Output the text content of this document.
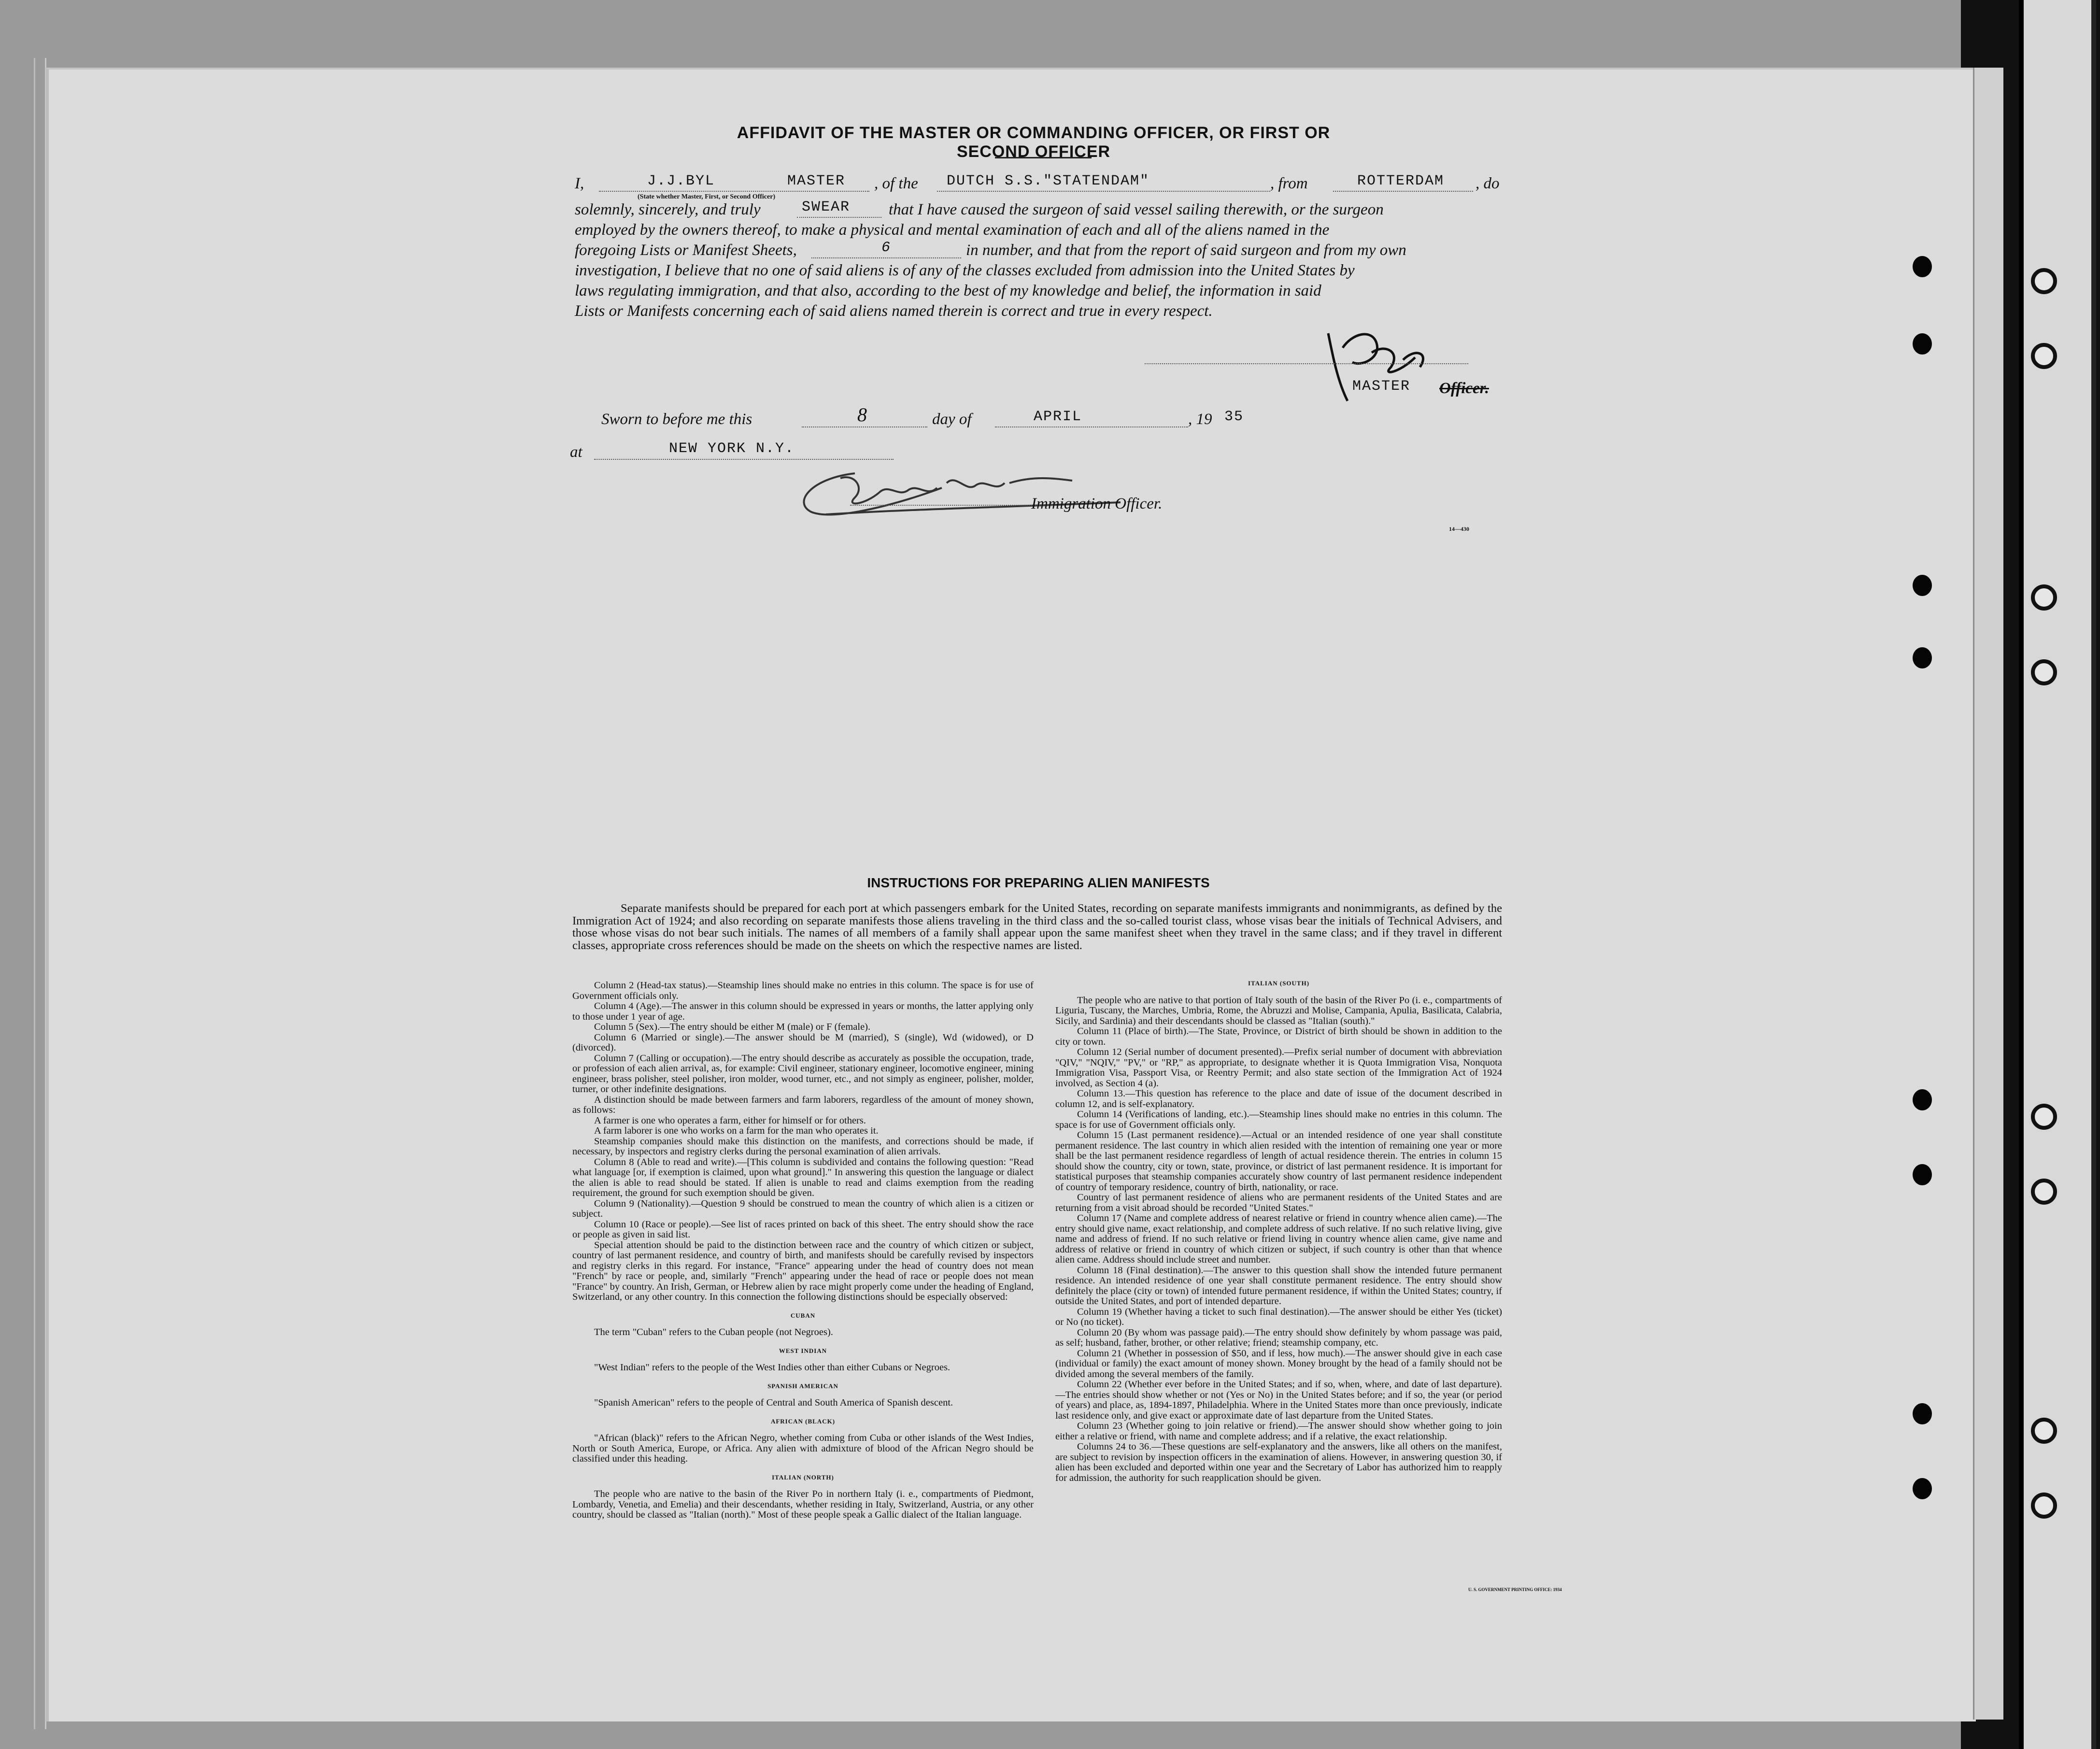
AFFIDAVIT OF THE MASTER OR COMMANDING OFFICER, OR FIRST OR SECOND OFFICER
I,	J.J.BYL	MASTER
(State whether Master, First, or Second Officer)
, of the DUTCH S.S."STATENDAM"	, from	ROTTERDAM , do
solemnly, sincerely, and truly	SWEAR that I have caused the surgeon of said vessel sailing therewith, or the surgeon
employed by the owners thereof, to make a physical and mental examination of each and all of the aliens named in the
foregoing Lists or Manifest Sheets,	6	in number, and that from the report of said surgeon and from my own
investigation, I believe that no one of said aliens is of any of the classes excluded from admission into the United States by
laws regulating immigration, and that also, according to the best of my knowledge and belief, the information in said
Lists or Manifests concerning each of said aliens named therein is correct and true in every respect.
MASTER Officer.
Sworn to before me this	8	day of	APRIL	, 19 35
at	NEW YORK N.Y.
Immigration Officer.
14—430
INSTRUCTIONS FOR PREPARING ALIEN MANIFESTS
Separate manifests should be prepared for each port at which passengers embark for the United States, recording on separate manifests immigrants and nonimmigrants, as defined by the Immigration Act of 1924; and also recording on separate manifests those aliens traveling in the third class and the so-called tourist class, whose visas bear the initials of Technical Advisers, and those whose visas do not bear such initials. The names of all members of a family shall appear upon the same manifest sheet when they travel in the same class; and if they travel in different classes, appropriate cross references should be made on the sheets on which the respective names are listed.

Column 2 (Head-tax status).—Steamship lines should make no entries in this column. The space is for use of Government officials only.

Column 4 (Age).—The answer in this column should be expressed in years or months, the latter applying only to those under 1 year of age.

Column 5 (Sex).—The entry should be either M (male) or F (female).

Column 6 (Married or single).—The answer should be M (married), S (single), Wd (widowed), or D (divorced).

Column 7 (Calling or occupation).—The entry should describe as accurately as possible the occupation, trade, or profession of each alien arrival, as, for example: Civil engineer, stationary engineer, locomotive engineer, mining engineer, brass polisher, steel polisher, iron molder, wood turner, etc., and not simply as engineer, polisher, molder, turner, or other indefinite designations.

A distinction should be made between farmers and farm laborers, regardless of the amount of money shown, as follows:

A farmer is one who operates a farm, either for himself or for others.

A farm laborer is one who works on a farm for the man who operates it.

Steamship companies should make this distinction on the manifests, and corrections should be made, if necessary, by inspectors and registry clerks during the personal examination of alien arrivals.

Column 8 (Able to read and write).—[This column is subdivided and contains the following question: "Read what language [or, if exemption is claimed, upon what ground]." In answering this question the language or dialect the alien is able to read should be stated. If alien is unable to read and claims exemption from the reading requirement, the ground for such exemption should be given.

Column 9 (Nationality).—Question 9 should be construed to mean the country of which alien is a citizen or subject.

Column 10 (Race or people).—See list of races printed on back of this sheet. The entry should show the race or people as given in said list.

Special attention should be paid to the distinction between race and the country of which citizen or subject, country of last permanent residence, and country of birth, and manifests should be carefully revised by inspectors and registry clerks in this regard. For instance, "France" appearing under the head of country does not mean "French" by race or people, and, similarly "French" appearing under the head of race or people does not mean "France" by country. An Irish, German, or Hebrew alien by race might properly come under the heading of England, Switzerland, or any other country. In this connection the following distinctions should be especially observed:

CUBAN

The term "Cuban" refers to the Cuban people (not Negroes).

WEST INDIAN

"West Indian" refers to the people of the West Indies other than either Cubans or Negroes.

SPANISH AMERICAN

"Spanish American" refers to the people of Central and South America of Spanish descent.

AFRICAN (BLACK)

"African (black)" refers to the African Negro, whether coming from Cuba or other islands of the West Indies, North or South America, Europe, or Africa. Any alien with admixture of blood of the African Negro should be classified under this heading.

ITALIAN (NORTH)

The people who are native to the basin of the River Po in northern Italy (i. e., compartments of Piedmont, Lombardy, Venetia, and Emelia) and their descendants, whether residing in Italy, Switzerland, Austria, or any other country, should be classed as "Italian (north)." Most of these people speak a Gallic dialect of the Italian language.

ITALIAN (SOUTH)

The people who are native to that portion of Italy south of the basin of the River Po (i. e., compartments of Liguria, Tuscany, the Marches, Umbria, Rome, the Abruzzi and Molise, Campania, Apulia, Basilicata, Calabria, Sicily, and Sardinia) and their descendants should be classed as "Italian (south)."

Column 11 (Place of birth).—The State, Province, or District of birth should be shown in addition to the city or town.

Column 12 (Serial number of document presented).—Prefix serial number of document with abbreviation "QIV," "NQIV," "PV," or "RP," as appropriate, to designate whether it is Quota Immigration Visa, Nonquota Immigration Visa, Passport Visa, or Reentry Permit; and also state section of the Immigration Act of 1924 involved, as Section 4 (a).

Column 13.—This question has reference to the place and date of issue of the document described in column 12, and is self-explanatory.

Column 14 (Verifications of landing, etc.).—Steamship lines should make no entries in this column. The space is for use of Government officials only.

Column 15 (Last permanent residence).—Actual or an intended residence of one year shall constitute permanent residence. The last country in which alien resided with the intention of remaining one year or more shall be the last permanent residence regardless of length of actual residence therein. The entries in column 15 should show the country, city or town, state, province, or district of last permanent residence. It is important for statistical purposes that steamship companies accurately show country of last permanent residence independent of country of temporary residence, country of birth, nationality, or race.

Country of last permanent residence of aliens who are permanent residents of the United States and are returning from a visit abroad should be recorded "United States."

Column 17 (Name and complete address of nearest relative or friend in country whence alien came).—The entry should give name, exact relationship, and complete address of such relative. If no such relative living, give name and address of friend. If no such relative or friend living in country whence alien came, give name and address of relative or friend in country of which citizen or subject, if such country is other than that whence alien came. Address should include street and number.

Column 18 (Final destination).—The answer to this question shall show the intended future permanent residence. An intended residence of one year shall constitute permanent residence. The entry should show definitely the place (city or town) of intended future permanent residence, if within the United States; country, if outside the United States, and port of intended departure.

Column 19 (Whether having a ticket to such final destination).—The answer should be either Yes (ticket) or No (no ticket).

Column 20 (By whom was passage paid).—The entry should show definitely by whom passage was paid, as self; husband, father, brother, or other relative; friend; steamship company, etc.

Column 21 (Whether in possession of $50, and if less, how much).—The answer should give in each case (individual or family) the exact amount of money shown. Money brought by the head of a family should not be divided among the several members of the family.

Column 22 (Whether ever before in the United States; and if so, when, where, and date of last departure).—The entries should show whether or not (Yes or No) in the United States before; and if so, the year (or period of years) and place, as, 1894-1897, Philadelphia. Where in the United States more than once previously, indicate last residence only, and give exact or approximate date of last departure from the United States.

Column 23 (Whether going to join relative or friend).—The answer should show whether going to join either a relative or friend, with name and complete address; and if a relative, the exact relationship.

Columns 24 to 36.—These questions are self-explanatory and the answers, like all others on the manifest, are subject to revision by inspection officers in the examination of aliens. However, in answering question 30, if alien has been excluded and deported within one year and the Secretary of Labor has authorized him to reapply for admission, the authority for such reapplication should be given.

U. S. GOVERNMENT PRINTING OFFICE: 1934
